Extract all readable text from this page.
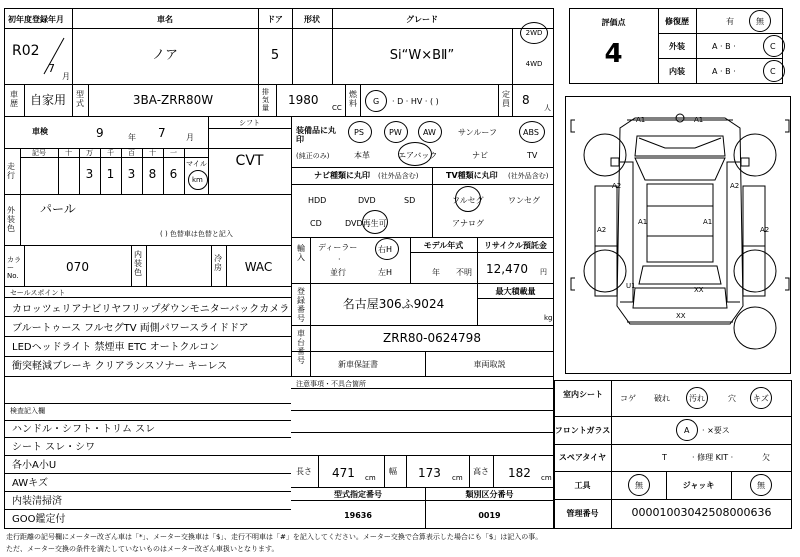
初年度登録年月
R02
7
月
車名
ノア
ドア
5
形状	グレード
Si“W×BⅡ”
2WD
4WD
車歴 自家用 型式	3BA-ZRR80W
排気量
1980
CC
燃料 G · D · HV · ( )
定員 8
人
車検	9	年 7	月
シフト
CVT
走行
記号	十	万	千	百	十	一
3	1	3	8	6
マイル
km
外装色
パール
( ) 色替車は色替と記入
カラーNo.
070
内装色
冷房	WAC
セールスポイント
カロッツェリアナビリヤフリップダウンモニターバックカメラ
ブルートゥース フルセグTV 両側パワースライドドア
LEDヘッドライト 禁煙車 ETC オートクルコン
衝突軽減ブレーキ クリアランスソナー キーレス
検査記入欄
ハンドル・シフト・トリム スレ
シート スレ・シワ
各小A小U
AWキズ
内装清掃済
GOO鑑定付
装備品に丸印
(純正のみ)
PS	PW	AW	サンルーフ	ABS
本革	エアバック	ナビ	TV
ナビ種類に丸印 (社外品含む)	TV種類に丸印 (社外品含む)
HDD	DVD	SD
CD	DVD再生可
フルセグ	ワンセグ
アナログ
輸入
ディーラー
·
並行
右H
左H
モデル年式
年 不明
リサイクル預託金
12,470 円
登録番号
名古屋306ふ9024
最大積載量
kg
車台番号
ZRR80-0624798
新車保証書	車両取説
注意事項・不具合箇所
長さ 471 cm
幅 173 cm
高さ 182 cm
型式指定番号	類別区分番号
19636	0019
評価点
4
修復歴	有	無
外装	A · B ·	C
内装	A · B ·	C
A1	A1
A2	A2
A1	A1
A2	A2
U1	XX
XX
室内シート	コゲ 破れ 汚れ	穴 キズ
フロントガラス	A · ×要ス
スペアタイヤ	T	· 修理 KIT ·	欠
工具	無	ジャッキ	無
管理番号	00001003042508000636
走行距離の記号欄にメーター改ざん車は「*」、メーター交換車は「$」、走行不明車は「#」を記入してください。メーター交換で合算表示した場合にも「$」は記入の事。
ただ、メーター交換の条件を満たしていないものはメーター改ざん車扱いとなります。
